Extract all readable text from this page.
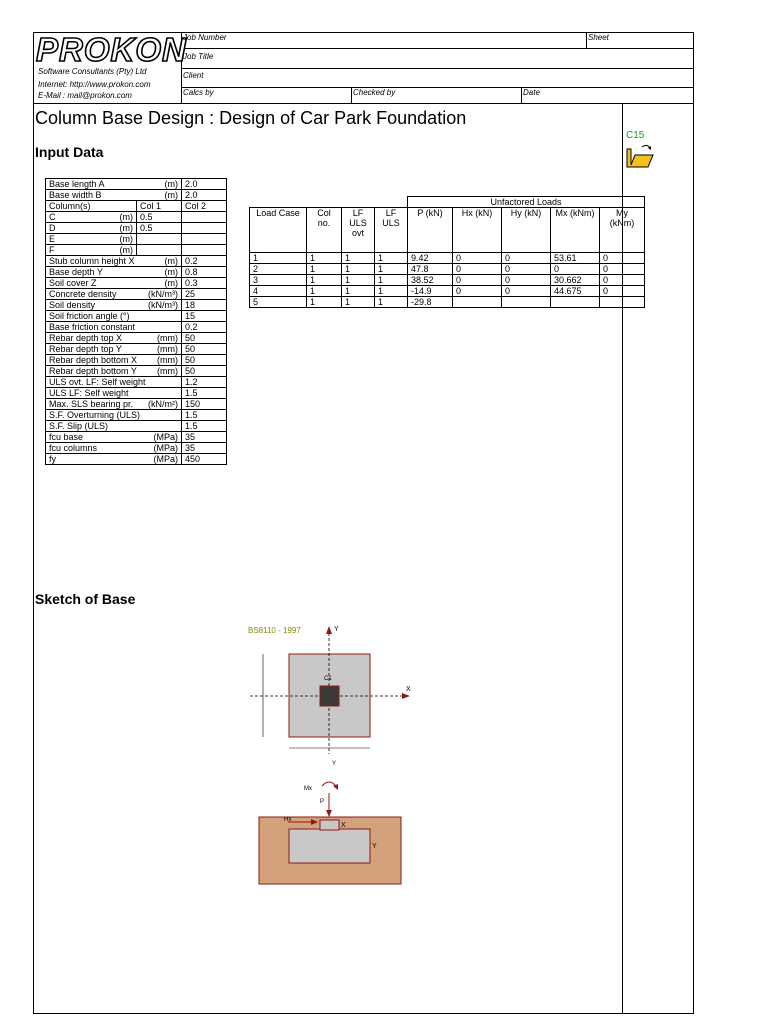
PROKON
Software Consultants (Pty) Ltd
Internet: http://www.prokon.com
E-Mail : mail@prokon.com
Job Number	Sheet
Job Title
Client
Calcs by	Checked by	Date
Column Base Design : Design of Car Park Foundation
Input Data
C15
Base length A (m)		2.0
Base width B (m)		2.0
Column(s)	Col 1	Col 2
C (m)	0.5	
D (m)	0.5	
E (m)		

F (m)		

Stub column height X (m)		0.2
Base depth Y (m)		0.8
Soil cover Z (m)		0.3
Concrete density (kN/m³)		25
Soil density (kN/m³)		18
Soil friction angle (°)		15
Base friction constant		0.2
Rebar depth top X (mm)		50
Rebar depth top Y (mm)		50
Rebar depth bottom X (mm)		50
Rebar depth bottom Y (mm)		50
ULS ovt. LF: Self weight		1.2
ULS LF: Self weight		1.5
Max. SLS bearing pr. (kN/m²)		150
S.F. Overturning (ULS)		1.5
S.F. Slip (ULS)		1.5
fcu base (MPa)		35
fcu columns (MPa)		35
fy (MPa)		450
				Unfactored Loads				
Load Case	Col no.	LF ULS ovt	LF ULS	P (kN)	Hx (kN)	Hy (kN)	Mx (kNm)	My (kNm)
1	1	1	1	9.42	0	0	53.61	0
2	1	1	1	47.8	0	0	0	0
3	1	1	1	38.52	0	0	30.662	0
4	1	1	1	-14.9	0	0	44.675	0
5	1	1	1	-29.8				
Sketch of Base
BS8110 - 1997	Y
X
C1
Y
Mx
P
Hx
X
Y
